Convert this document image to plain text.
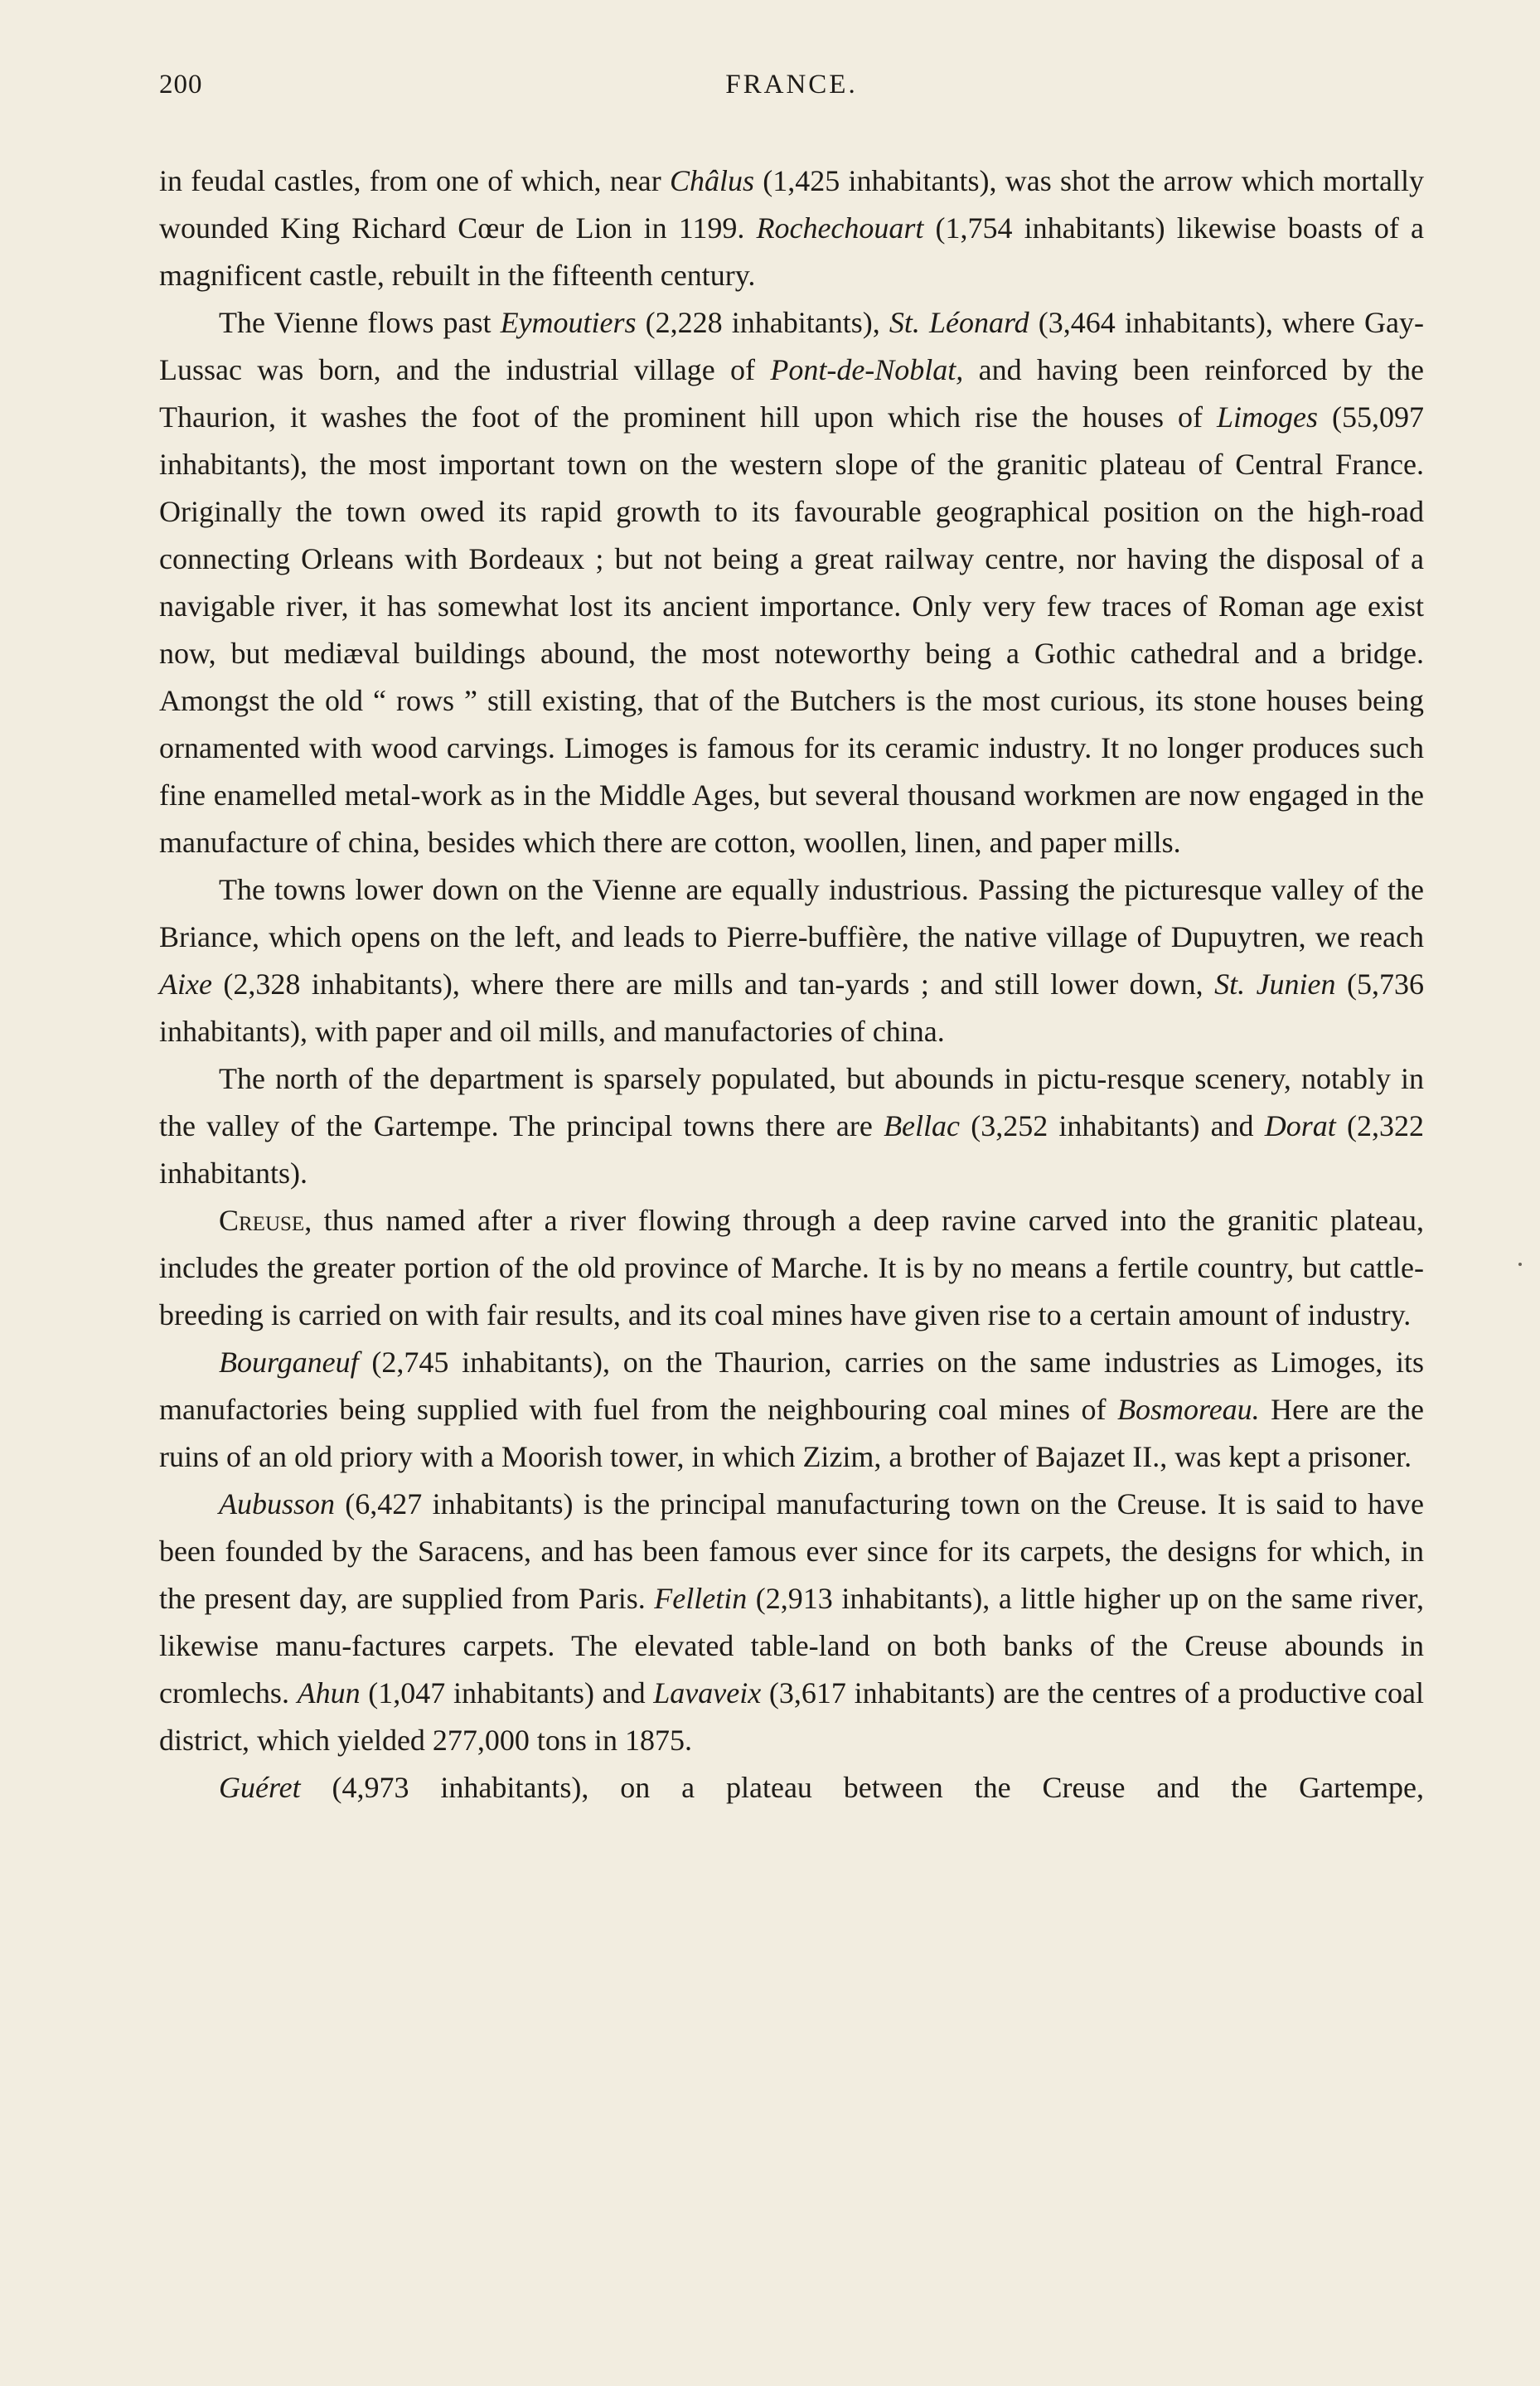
200	FRANCE.

in feudal castles, from one of which, near Châlus (1,425 inhabitants), was shot the arrow which mortally wounded King Richard Cœur de Lion in 1199. Rochechouart (1,754 inhabitants) likewise boasts of a magnificent castle, rebuilt in the fifteenth century.

The Vienne flows past Eymoutiers (2,228 inhabitants), St. Léonard (3,464 inhabitants), where Gay-Lussac was born, and the industrial village of Pont-de-Noblat, and having been reinforced by the Thaurion, it washes the foot of the prominent hill upon which rise the houses of Limoges (55,097 inhabitants), the most important town on the western slope of the granitic plateau of Central France. Originally the town owed its rapid growth to its favourable geographical position on the high-road connecting Orleans with Bordeaux ; but not being a great railway centre, nor having the disposal of a navigable river, it has somewhat lost its ancient importance. Only very few traces of Roman age exist now, but mediæval buildings abound, the most noteworthy being a Gothic cathedral and a bridge. Amongst the old “ rows ” still existing, that of the Butchers is the most curious, its stone houses being ornamented with wood carvings. Limoges is famous for its ceramic industry. It no longer produces such fine enamelled metal-work as in the Middle Ages, but several thousand workmen are now engaged in the manufacture of china, besides which there are cotton, woollen, linen, and paper mills.

The towns lower down on the Vienne are equally industrious. Passing the picturesque valley of the Briance, which opens on the left, and leads to Pierre-buffière, the native village of Dupuytren, we reach Aixe (2,328 inhabitants), where there are mills and tan-yards ; and still lower down, St. Junien (5,736 inhabitants), with paper and oil mills, and manufactories of china.

The north of the department is sparsely populated, but abounds in pictu-resque scenery, notably in the valley of the Gartempe. The principal towns there are Bellac (3,252 inhabitants) and Dorat (2,322 inhabitants).

Creuse, thus named after a river flowing through a deep ravine carved into the granitic plateau, includes the greater portion of the old province of Marche. It is by no means a fertile country, but cattle-breeding is carried on with fair results, and its coal mines have given rise to a certain amount of industry.

Bourganeuf (2,745 inhabitants), on the Thaurion, carries on the same industries as Limoges, its manufactories being supplied with fuel from the neighbouring coal mines of Bosmoreau. Here are the ruins of an old priory with a Moorish tower, in which Zizim, a brother of Bajazet II., was kept a prisoner.

Aubusson (6,427 inhabitants) is the principal manufacturing town on the Creuse. It is said to have been founded by the Saracens, and has been famous ever since for its carpets, the designs for which, in the present day, are supplied from Paris. Felletin (2,913 inhabitants), a little higher up on the same river, likewise manu-factures carpets. The elevated table-land on both banks of the Creuse abounds in cromlechs. Ahun (1,047 inhabitants) and Lavaveix (3,617 inhabitants) are the centres of a productive coal district, which yielded 277,000 tons in 1875.

Guéret (4,973 inhabitants), on a plateau between the Creuse and the Gartempe,
